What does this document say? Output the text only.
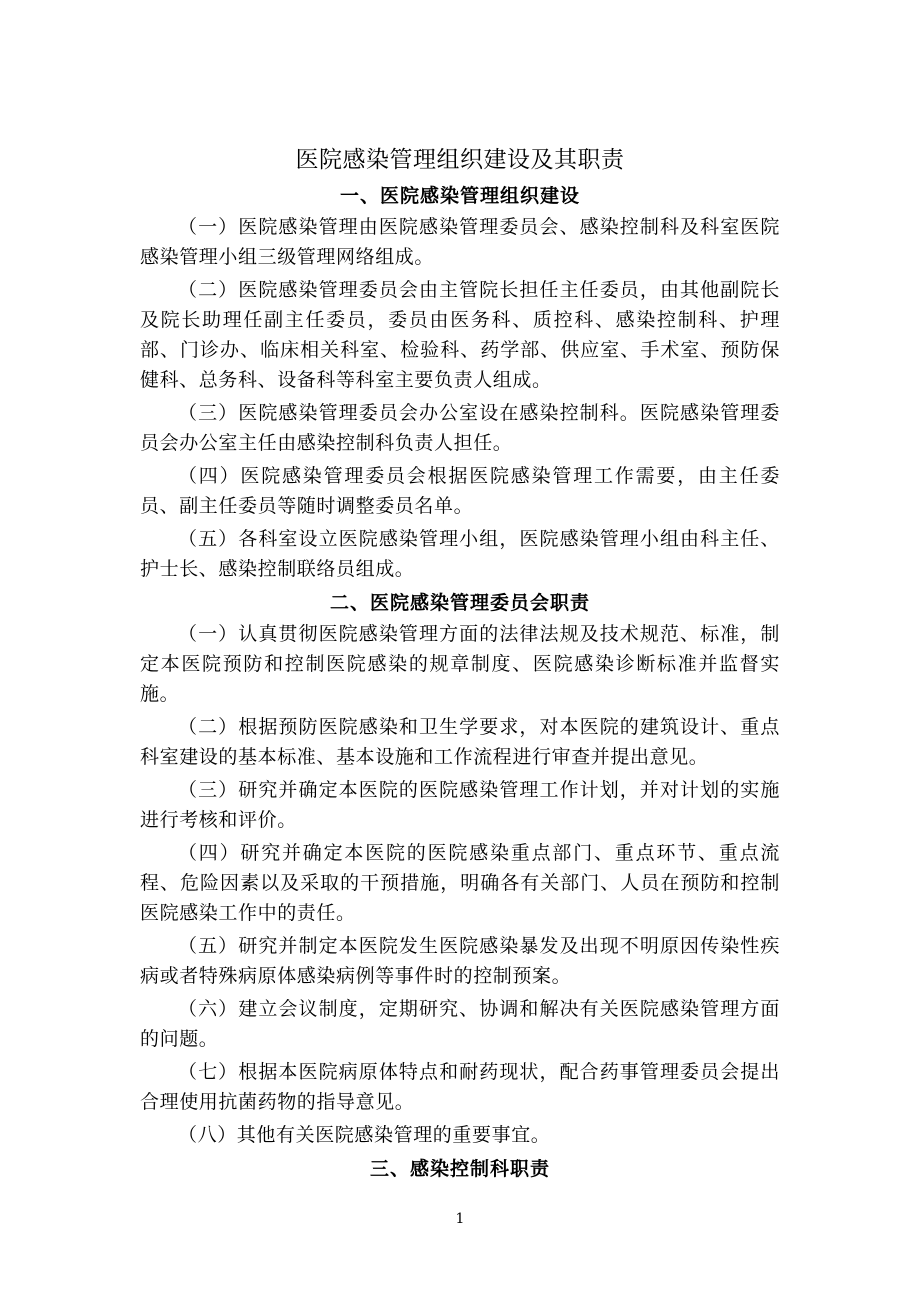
医院感染管理组织建设及其职责
一、医院感染管理组织建设

（一）医院感染管理由医院感染管理委员会、感染控制科及科室医院感染管理小组三级管理网络组成。

（二）医院感染管理委员会由主管院长担任主任委员，由其他副院长及院长助理任副主任委员，委员由医务科、质控科、感染控制科、护理部、门诊办、临床相关科室、检验科、药学部、供应室、手术室、预防保健科、总务科、设备科等科室主要负责人组成。

（三）医院感染管理委员会办公室设在感染控制科。医院感染管理委员会办公室主任由感染控制科负责人担任。

（四）医院感染管理委员会根据医院感染管理工作需要，由主任委员、副主任委员等随时调整委员名单。

（五）各科室设立医院感染管理小组，医院感染管理小组由科主任、护士长、感染控制联络员组成。

二、医院感染管理委员会职责

（一）认真贯彻医院感染管理方面的法律法规及技术规范、标准，制定本医院预防和控制医院感染的规章制度、医院感染诊断标准并监督实施。

（二）根据预防医院感染和卫生学要求，对本医院的建筑设计、重点科室建设的基本标准、基本设施和工作流程进行审查并提出意见。

（三）研究并确定本医院的医院感染管理工作计划，并对计划的实施进行考核和评价。

（四）研究并确定本医院的医院感染重点部门、重点环节、重点流程、危险因素以及采取的干预措施，明确各有关部门、人员在预防和控制医院感染工作中的责任。

（五）研究并制定本医院发生医院感染暴发及出现不明原因传染性疾病或者特殊病原体感染病例等事件时的控制预案。

（六）建立会议制度，定期研究、协调和解决有关医院感染管理方面的问题。

（七）根据本医院病原体特点和耐药现状，配合药事管理委员会提出合理使用抗菌药物的指导意见。

（八）其他有关医院感染管理的重要事宜。

三、感染控制科职责
1
